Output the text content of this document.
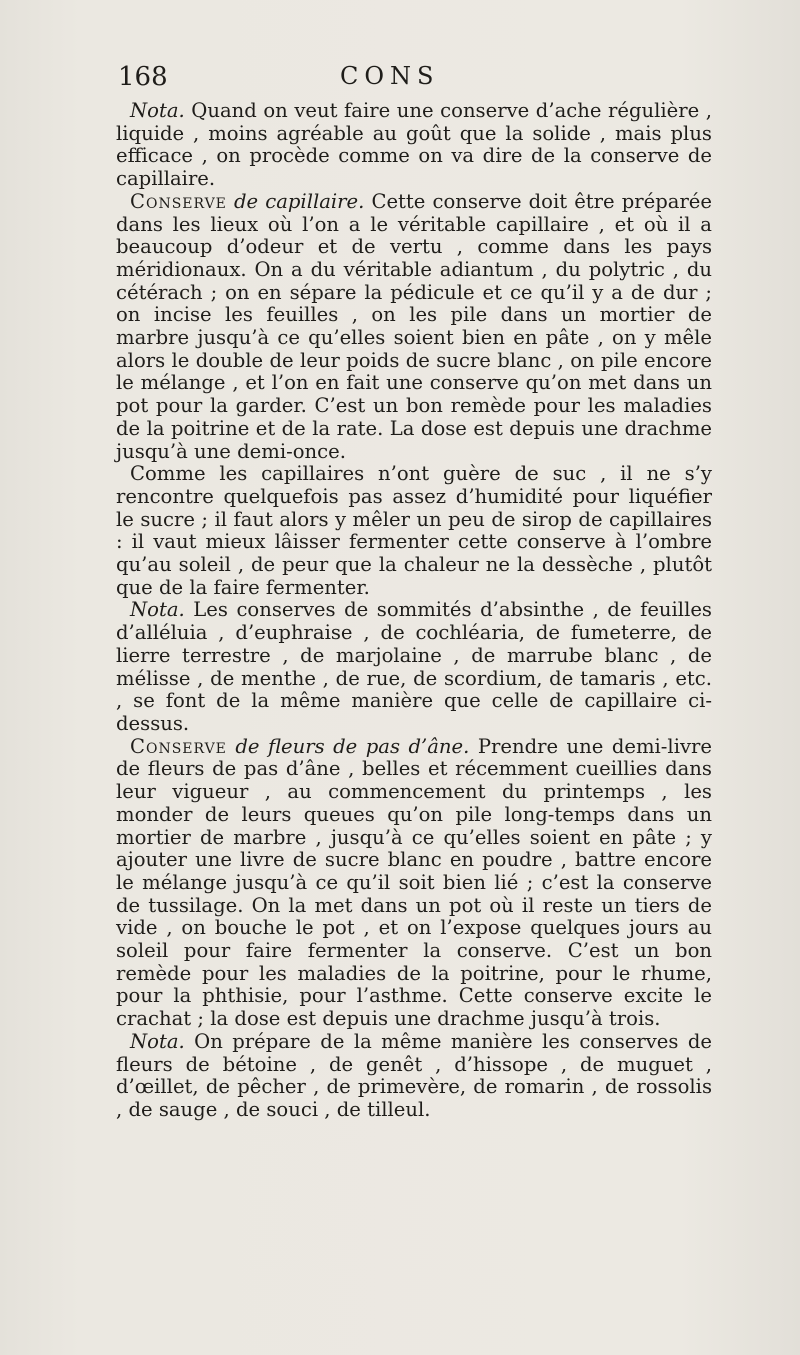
168	CONS

Nota. Quand on veut faire une conserve d’ache régulière , liquide , moins agréable au goût que la solide , mais plus efficace , on procède comme on va dire de la conserve de capillaire.

Conserve de capillaire. Cette conserve doit être préparée dans les lieux où l’on a le véritable capillaire , et où il a beaucoup d’odeur et de vertu , comme dans les pays méridionaux. On a du véritable adiantum , du polytric , du cétérach ; on en sépare la pédicule et ce qu’il y a de dur ; on incise les feuilles , on les pile dans un mortier de marbre jusqu’à ce qu’elles soient bien en pâte , on y mêle alors le double de leur poids de sucre blanc , on pile encore le mélange , et l’on en fait une conserve qu’on met dans un pot pour la garder. C’est un bon remède pour les maladies de la poitrine et de la rate. La dose est depuis une drachme jusqu’à une demi-once.

Comme les capillaires n’ont guère de suc , il ne s’y rencontre quelquefois pas assez d’humidité pour liquéfier le sucre ; il faut alors y mêler un peu de sirop de capillaires : il vaut mieux lâisser fermenter cette conserve à l’ombre qu’au soleil , de peur que la chaleur ne la dessèche , plutôt que de la faire fermenter.

Nota. Les conserves de sommités d’absinthe , de feuilles d’alléluia , d’euphraise , de cochléaria, de fumeterre, de lierre terrestre , de marjolaine , de marrube blanc , de mélisse , de menthe , de rue, de scordium, de tamaris , etc. , se font de la même manière que celle de capillaire ci-dessus.

Conserve de fleurs de pas d’âne. Prendre une demi-livre de fleurs de pas d’âne , belles et récemment cueillies dans leur vigueur , au commencement du printemps , les monder de leurs queues qu’on pile long-temps dans un mortier de marbre , jusqu’à ce qu’elles soient en pâte ; y ajouter une livre de sucre blanc en poudre , battre encore le mélange jusqu’à ce qu’il soit bien lié ; c’est la conserve de tussilage. On la met dans un pot où il reste un tiers de vide , on bouche le pot , et on l’expose quelques jours au soleil pour faire fermenter la conserve. C’est un bon remède pour les maladies de la poitrine, pour le rhume, pour la phthisie, pour l’asthme. Cette conserve excite le crachat ; la dose est depuis une drachme jusqu’à trois.

Nota. On prépare de la même manière les conserves de fleurs de bétoine , de genêt , d’hissope , de muguet , d’œillet, de pêcher , de primevère, de romarin , de rossolis , de sauge , de souci , de tilleul.
